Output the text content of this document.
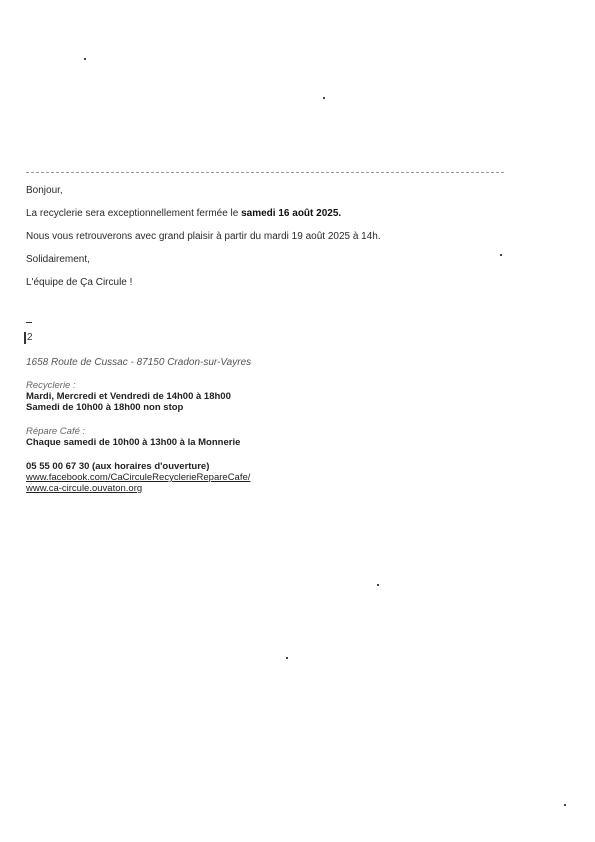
Bonjour,

La recyclerie sera exceptionnellement fermée le samedi 16 août 2025.

Nous vous retrouverons avec grand plaisir à partir du mardi 19 août 2025 à 14h.

Solidairement,

L'équipe de Ça Circule !

2
1658 Route de Cussac - 87150 Cradon-sur-Vayres
Recyclerie :
Mardi, Mercredi et Vendredi de 14h00 à 18h00
Samedi de 10h00 à 18h00 non stop
Répare Café :
Chaque samedi de 10h00 à 13h00 à la Monnerie
05 55 00 67 30 (aux horaires d'ouverture)
www.facebook.com/CaCirculeRecyclerieRepareCafe/
www.ca-circule.ouvaton.org
